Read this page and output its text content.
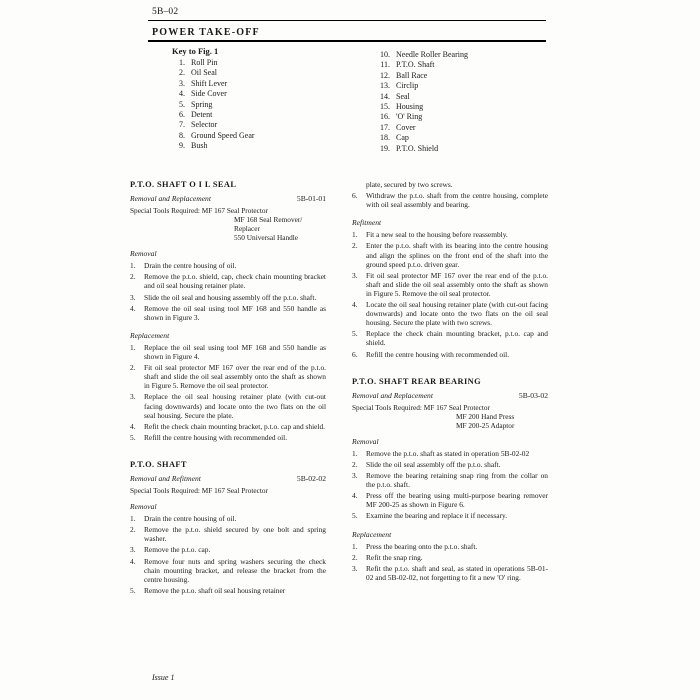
5B–02
POWER TAKE-OFF
Key to Fig. 1
1. Roll Pin
2. Oil Seal
3. Shift Lever
4. Side Cover
5. Spring
6. Detent
7. Selector
8. Ground Speed Gear
9. Bush
10. Needle Roller Bearing
11. P.T.O. Shaft
12. Ball Race
13. Circlip
14. Seal
15. Housing
16. 'O' Ring
17. Cover
18. Cap
19. P.T.O. Shield
P.T.O. SHAFT O I L SEAL
Removal and Replacement	5B-01-01
Special Tools Required: MF 167 Seal Protector
MF 168 Seal Remover/
Replacer
550 Universal Handle
Removal
1.	Drain the centre housing of oil.
2.	Remove the p.t.o. shield, cap, check chain mounting bracket and oil seal housing retainer plate.
3.	Slide the oil seal and housing assembly off the p.t.o. shaft.
4.	Remove the oil seal using tool MF 168 and 550 handle as shown in Figure 3.
Replacement
1.	Replace the oil seal using tool MF 168 and 550 handle as shown in Figure 4.
2.	Fit oil seal protector MF 167 over the rear end of the p.t.o. shaft and slide the oil seal assembly onto the shaft as shown in Figure 5. Remove the oil seal protector.
3.	Replace the oil seal housing retainer plate (with cut-out facing downwards) and locate onto the two flats on the oil seal housing. Secure the plate.
4.	Refit the check chain mounting bracket, p.t.o. cap and shield.
5.	Refill the centre housing with recommended oil.
P.T.O. SHAFT
Removal and Refitment	5B-02-02
Special Tools Required: MF 167 Seal Protector
Removal
1.	Drain the centre housing of oil.
2.	Remove the p.t.o. shield secured by one bolt and spring washer.
3.	Remove the p.t.o. cap.
4.	Remove four nuts and spring washers securing the check chain mounting bracket, and release the bracket from the centre housing.
5.	Remove the p.t.o. shaft oil seal housing retainer
plate, secured by two screws.
6.	Withdraw the p.t.o. shaft from the centre housing, complete with oil seal assembly and bearing.
Refitment
1.	Fit a new seal to the housing before reassembly.
2.	Enter the p.t.o. shaft with its bearing into the centre housing and align the splines on the front end of the shaft into the ground speed p.t.o. driven gear.
3.	Fit oil seal protector MF 167 over the rear end of the p.t.o. shaft and slide the oil seal assembly onto the shaft as shown in Figure 5. Remove the oil seal protector.
4.	Locate the oil seal housing retainer plate (with cut-out facing downwards) and locate onto the two flats on the oil seal housing. Secure the plate with two screws.
5.	Replace the check chain mounting bracket, p.t.o. cap and shield.
6.	Refill the centre housing with recommended oil.
P.T.O. SHAFT REAR BEARING
Removal and Replacement	5B-03-02
Special Tools Required: MF 167 Seal Protector
MF 200 Hand Press
MF 200-25 Adaptor
Removal
1.	Remove the p.t.o. shaft as stated in operation 5B-02-02
2.	Slide the oil seal assembly off the p.t.o. shaft.
3.	Remove the bearing retaining snap ring from the collar on the p.t.o. shaft.
4.	Press off the bearing using multi-purpose bearing remover MF 200-25 as shown in Figure 6.
5.	Examine the bearing and replace it if necessary.
Replacement
1.	Press the bearing onto the p.t.o. shaft.
2.	Refit the snap ring.
3.	Refit the p.t.o. shaft and seal, as stated in operations 5B-01-02 and 5B-02-02, not forgetting to fit a new 'O' ring.
Issue 1
